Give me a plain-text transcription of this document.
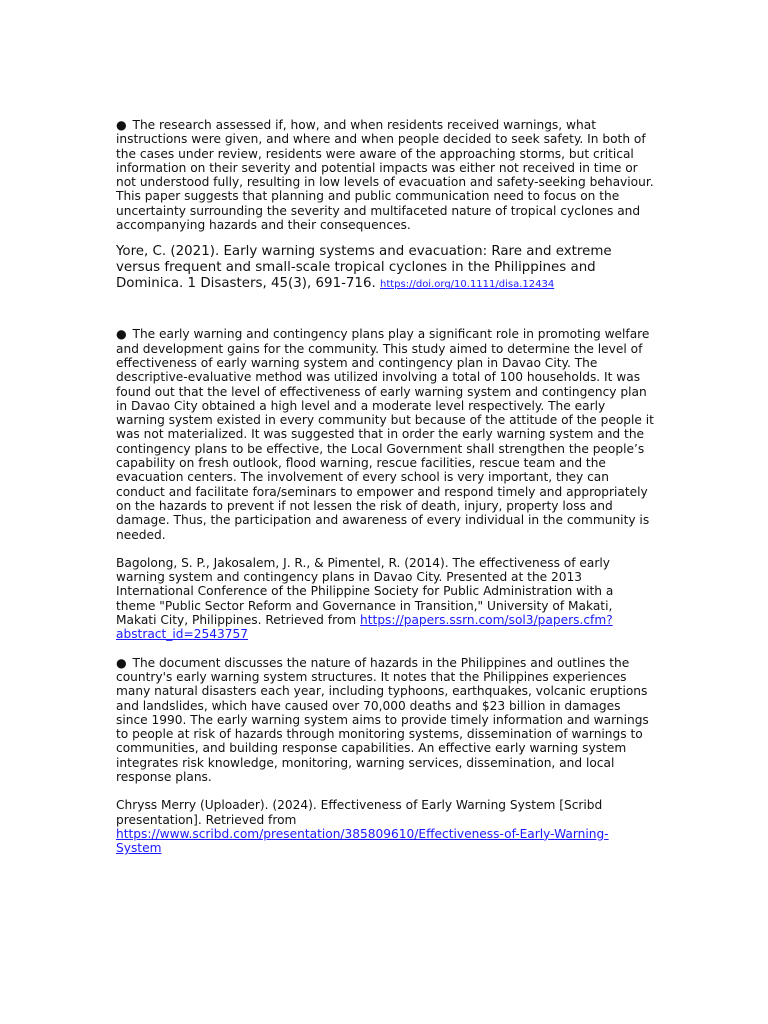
● The research assessed if, how, and when residents received warnings, what instructions were given, and where and when people decided to seek safety. In both of the cases under review, residents were aware of the approaching storms, but critical information on their severity and potential impacts was either not received in time or not understood fully, resulting in low levels of evacuation and safety-seeking behaviour. This paper suggests that planning and public communication need to focus on the uncertainty surrounding the severity and multifaceted nature of tropical cyclones and accompanying hazards and their consequences.

Yore, C. (2021). Early warning systems and evacuation: Rare and extreme versus frequent and small-scale tropical cyclones in the Philippines and Dominica. 1 Disasters, 45(3), 691-716. https://doi.org/10.1111/disa.12434

● The early warning and contingency plans play a significant role in promoting welfare and development gains for the community. This study aimed to determine the level of effectiveness of early warning system and contingency plan in Davao City. The descriptive-evaluative method was utilized involving a total of 100 households. It was found out that the level of effectiveness of early warning system and contingency plan in Davao City obtained a high level and a moderate level respectively. The early warning system existed in every community but because of the attitude of the people it was not materialized. It was suggested that in order the early warning system and the contingency plans to be effective, the Local Government shall strengthen the people’s capability on fresh outlook, flood warning, rescue facilities, rescue team and the evacuation centers. The involvement of every school is very important, they can conduct and facilitate fora/seminars to empower and respond timely and appropriately on the hazards to prevent if not lessen the risk of death, injury, property loss and damage. Thus, the participation and awareness of every individual in the community is needed.

Bagolong, S. P., Jakosalem, J. R., & Pimentel, R. (2014). The effectiveness of early warning system and contingency plans in Davao City. Presented at the 2013 International Conference of the Philippine Society for Public Administration with a theme "Public Sector Reform and Governance in Transition," University of Makati, Makati City, Philippines. Retrieved from https://papers.ssrn.com/sol3/papers.cfm?abstract_id=2543757

● The document discusses the nature of hazards in the Philippines and outlines the country's early warning system structures. It notes that the Philippines experiences many natural disasters each year, including typhoons, earthquakes, volcanic eruptions and landslides, which have caused over 70,000 deaths and $23 billion in damages since 1990. The early warning system aims to provide timely information and warnings to people at risk of hazards through monitoring systems, dissemination of warnings to communities, and building response capabilities. An effective early warning system integrates risk knowledge, monitoring, warning services, dissemination, and local response plans.

Chryss Merry (Uploader). (2024). Effectiveness of Early Warning System [Scribd presentation]. Retrieved from https://www.scribd.com/presentation/385809610/Effectiveness-of-Early-Warning-System
